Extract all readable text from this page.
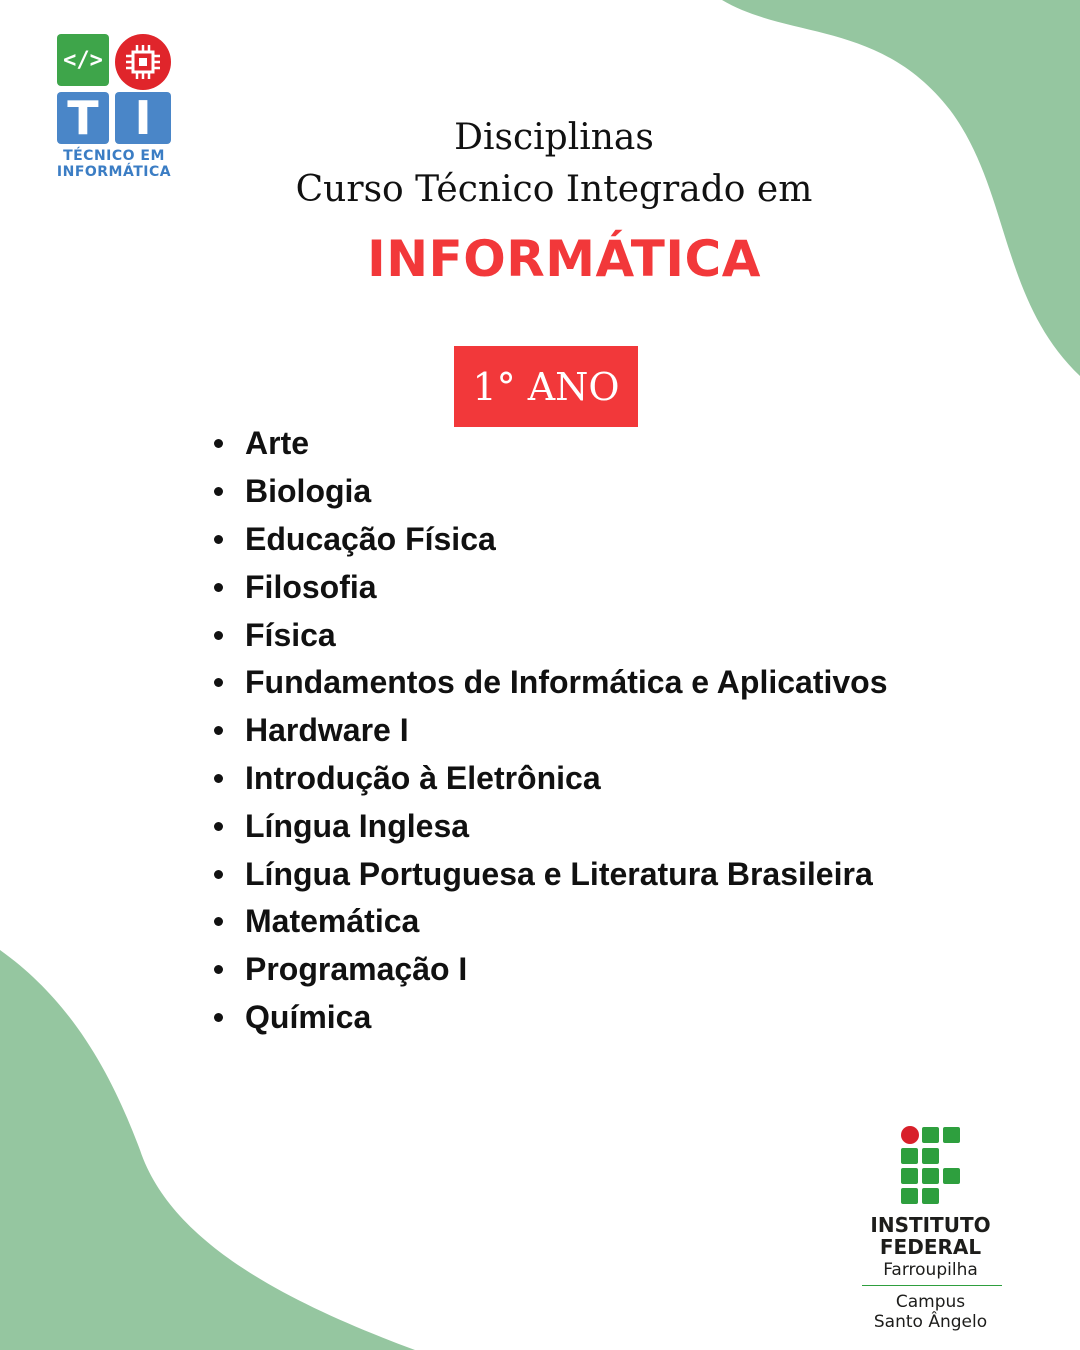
</>
T I
TÉCNICO EM
INFORMÁTICA
Disciplinas
Curso Técnico Integrado em
INFORMÁTICA
1° ANO
Arte
Biologia
Educação Física
Filosofia
Física
Fundamentos de Informática e Aplicativos
Hardware I
Introdução à Eletrônica
Língua Inglesa
Língua Portuguesa e Literatura Brasileira
Matemática
Programação I
Química
INSTITUTO
FEDERAL
Farroupilha
Campus
Santo Ângelo
